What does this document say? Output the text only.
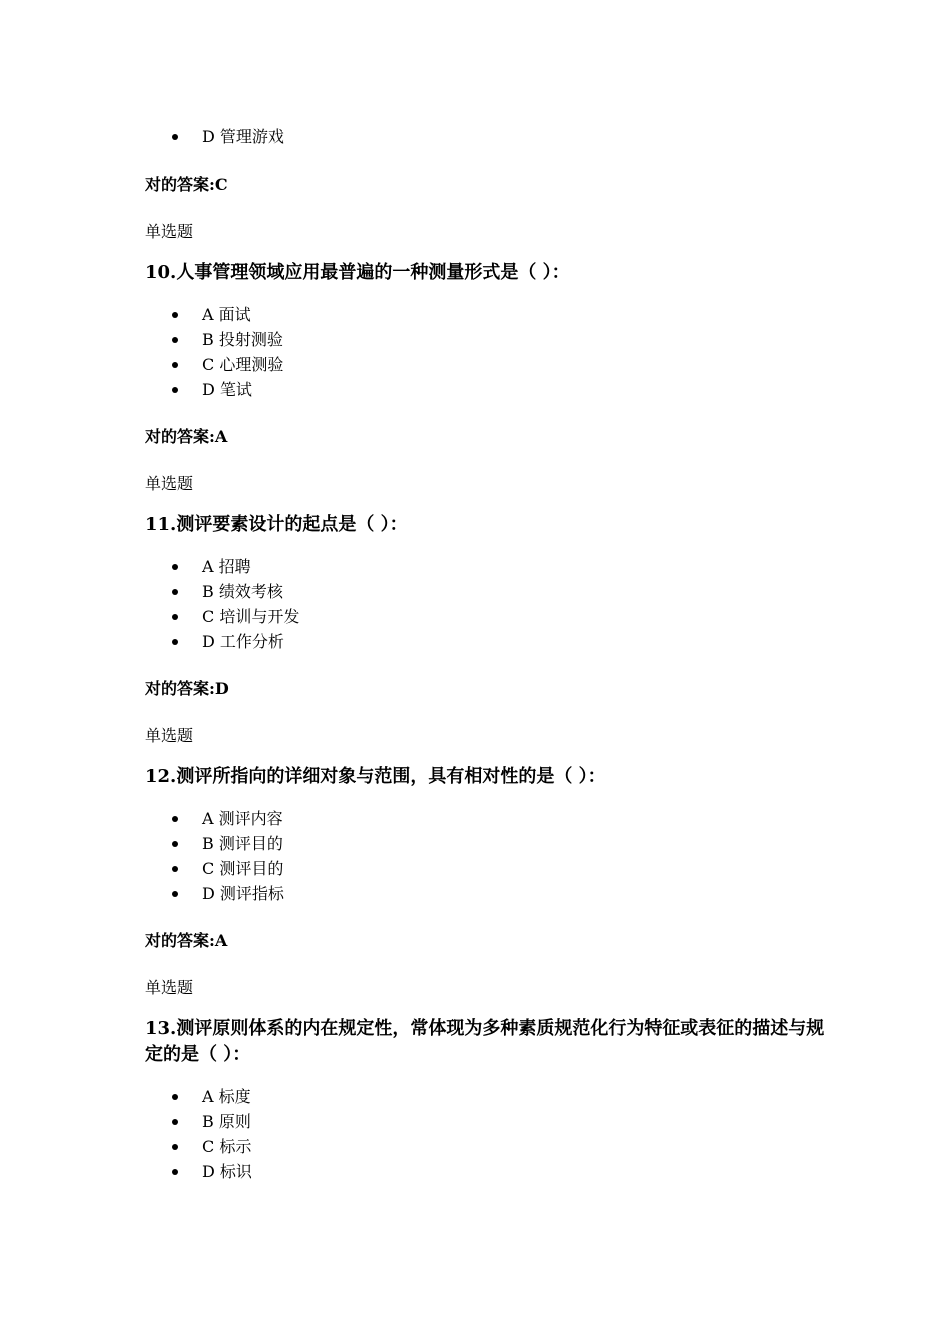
D 管理游戏
对的答案:C
单选题
10.人事管理领域应用最普遍的一种测量形式是（ ）：
A 面试
B 投射测验
C 心理测验
D 笔试
对的答案:A
单选题
11.测评要素设计的起点是（ ）：
A 招聘
B 绩效考核
C 培训与开发
D 工作分析
对的答案:D
单选题
12.测评所指向的详细对象与范围，具有相对性的是（ ）：
A 测评内容
B 测评目的
C 测评目的
D 测评指标
对的答案:A
单选题
13.测评原则体系的内在规定性，常体现为多种素质规范化行为特征或表征的描述与规定的是（ ）：
A 标度
B 原则
C 标示
D 标识
